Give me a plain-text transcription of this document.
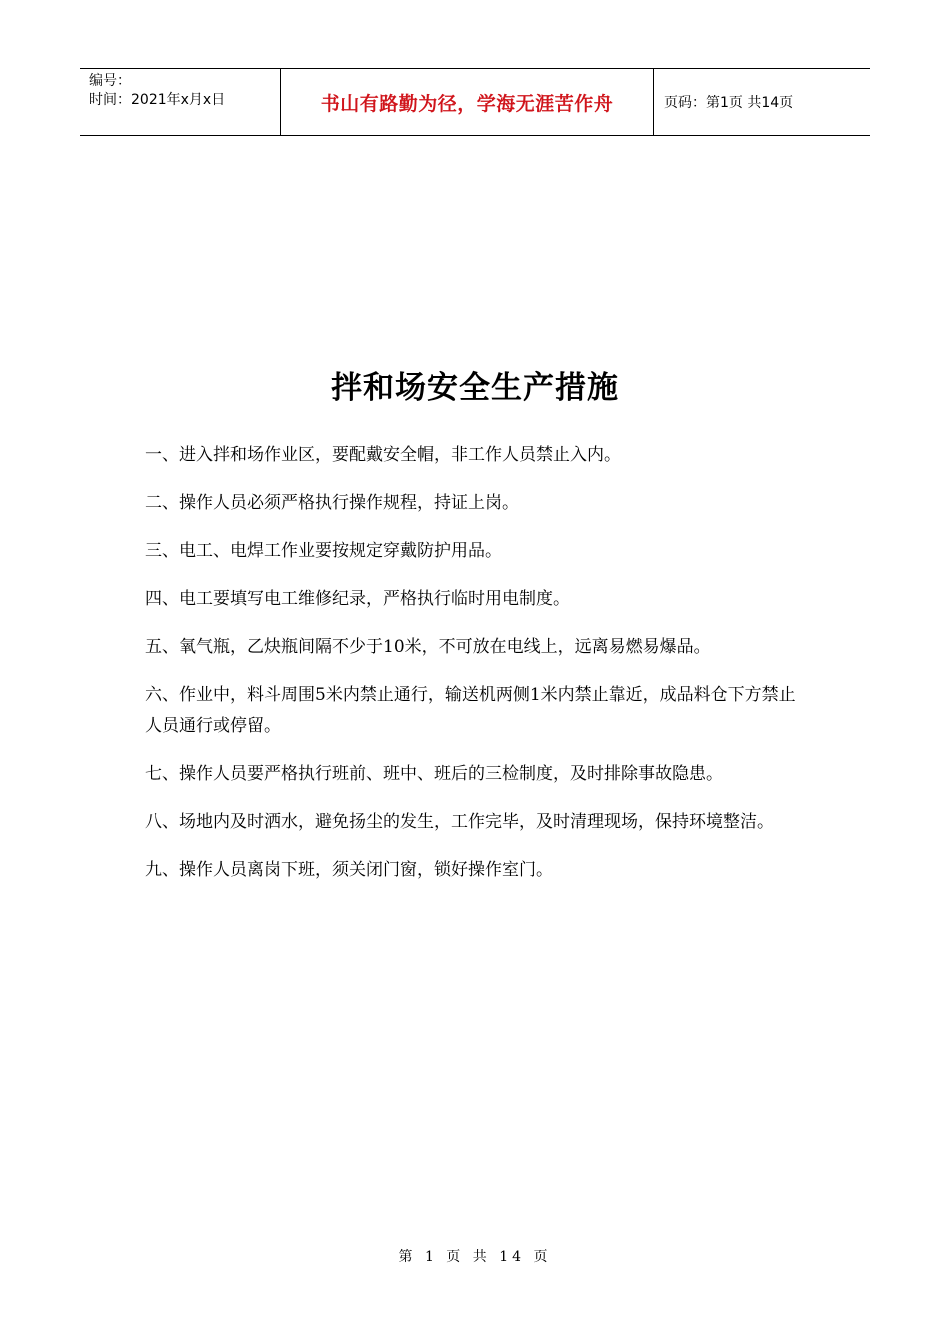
编号：
时间：2021年x月x日	书山有路勤为径，学海无涯苦作舟	页码：第1页 共14页
拌和场安全生产措施

一、进入拌和场作业区，要配戴安全帽，非工作人员禁止入内。

二、操作人员必须严格执行操作规程，持证上岗。

三、电工、电焊工作业要按规定穿戴防护用品。

四、电工要填写电工维修纪录，严格执行临时用电制度。

五、氧气瓶，乙炔瓶间隔不少于10米，不可放在电线上，远离易燃易爆品。

六、作业中，料斗周围5米内禁止通行，输送机两侧1米内禁止靠近，成品料仓下方禁止人员通行或停留。

七、操作人员要严格执行班前、班中、班后的三检制度，及时排除事故隐患。

八、场地内及时洒水，避免扬尘的发生，工作完毕，及时清理现场，保持环境整洁。

九、操作人员离岗下班，须关闭门窗，锁好操作室门。

第 1 页 共 14 页
